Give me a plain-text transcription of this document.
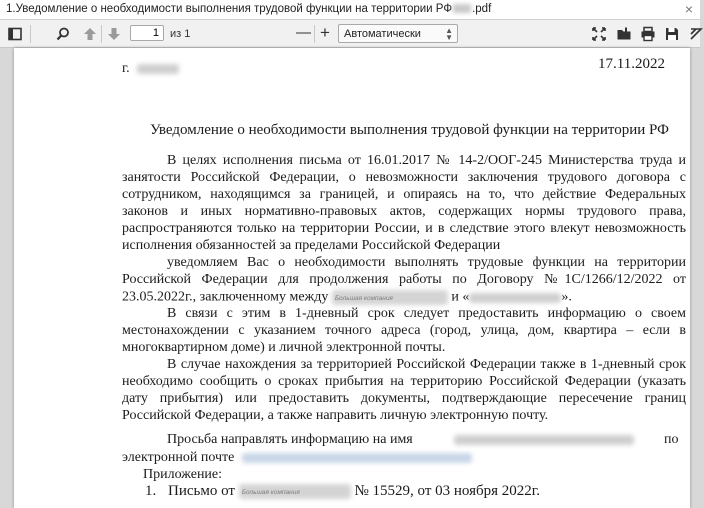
1.Уведомление о необходимости выполнения трудовой функции на территории РФ .pdf	×
1
из 1	— + Автоматически	▲
▼
г.	17.11.2022
Уведомление о необходимости выполнения трудовой функции на территории РФ
В целях исполнения письма от 16.01.2017 № 14-2/ООГ-245 Министерства труда и
занятости Российской Федерации, о невозможности заключения трудового договора с
сотрудником, находящимся за границей, и опираясь на то, что действие Федеральных
законов и иных нормативно-правовых актов, содержащих нормы трудового права,
распространяются только на территории России, и в следствие этого влекут невозможность
исполнения обязанностей за пределами Российской Федерации
уведомляем Вас о необходимости выполнять трудовые функции на территории
Российской Федерации для продолжения работы по Договору №1С/1266/12/2022 от
23.05.2022г., заключенному между Большая компания	и «	».
В связи с этим в 1-дневный срок следует предоставить информацию о своем
местонахождении с указанием точного адреса (город, улица, дом, квартира – если в
многоквартирном доме) и личной электронной почты.
В случае нахождения за территорией Российской Федерации также в 1-дневный срок
необходимо сообщить о сроках прибытия на территорию Российской Федерации (указать
дату прибытия) или предоставить документы, подтверждающие пересечение границ
Российской Федерации, а также направить личную электронную почту.
Просьба направлять информацию на имя	по
электронной почте
Приложение:
1. Письмо от Большая компания	№ 15529, от 03 ноября 2022г.
